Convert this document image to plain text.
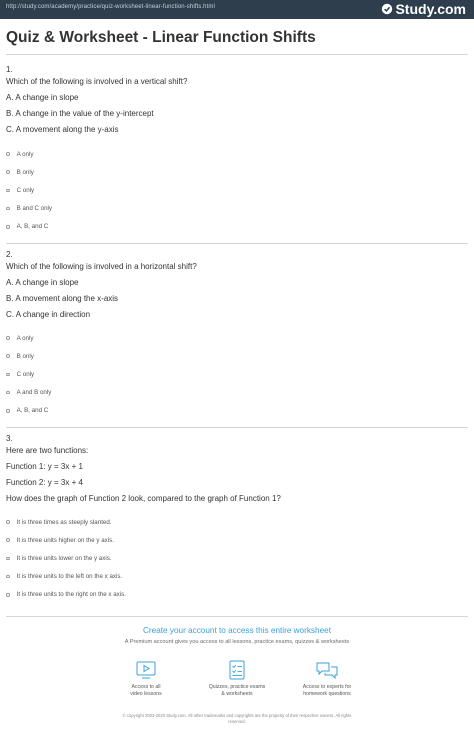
http://study.com/academy/practice/quiz-worksheet-linear-function-shifts.html	Study.com
Quiz & Worksheet - Linear Function Shifts

1.

Which of the following is involved in a vertical shift?

A. A change in slope

B. A change in the value of the y-intercept

C. A movement along the y-axis

A only
B only
C only
B and C only
A, B, and C

2.

Which of the following is involved in a horizontal shift?

A. A change in slope

B. A movement along the x-axis

C. A change in direction

A only
B only
C only
A and B only
A, B, and C

3.

Here are two functions:

Function 1: y = 3x + 1

Function 2: y = 3x + 4

How does the graph of Function 2 look, compared to the graph of Function 1?

It is three times as steeply slanted.
It is three units higher on the y axis.
It is three units lower on the y axis.
It is three units to the left on the x axis.
It is three units to the right on the x axis.
Create your account to access this entire worksheet
A Premium account gives you access to all lessons, practice exams, quizzes & worksheets
Access to all
video lessons
Quizzes, practice exams
& worksheets
Access to experts for
homework questions
© copyright 2003-2020 Study.com. All other trademarks and copyrights are the property of their respective owners. All rights
reserved.
